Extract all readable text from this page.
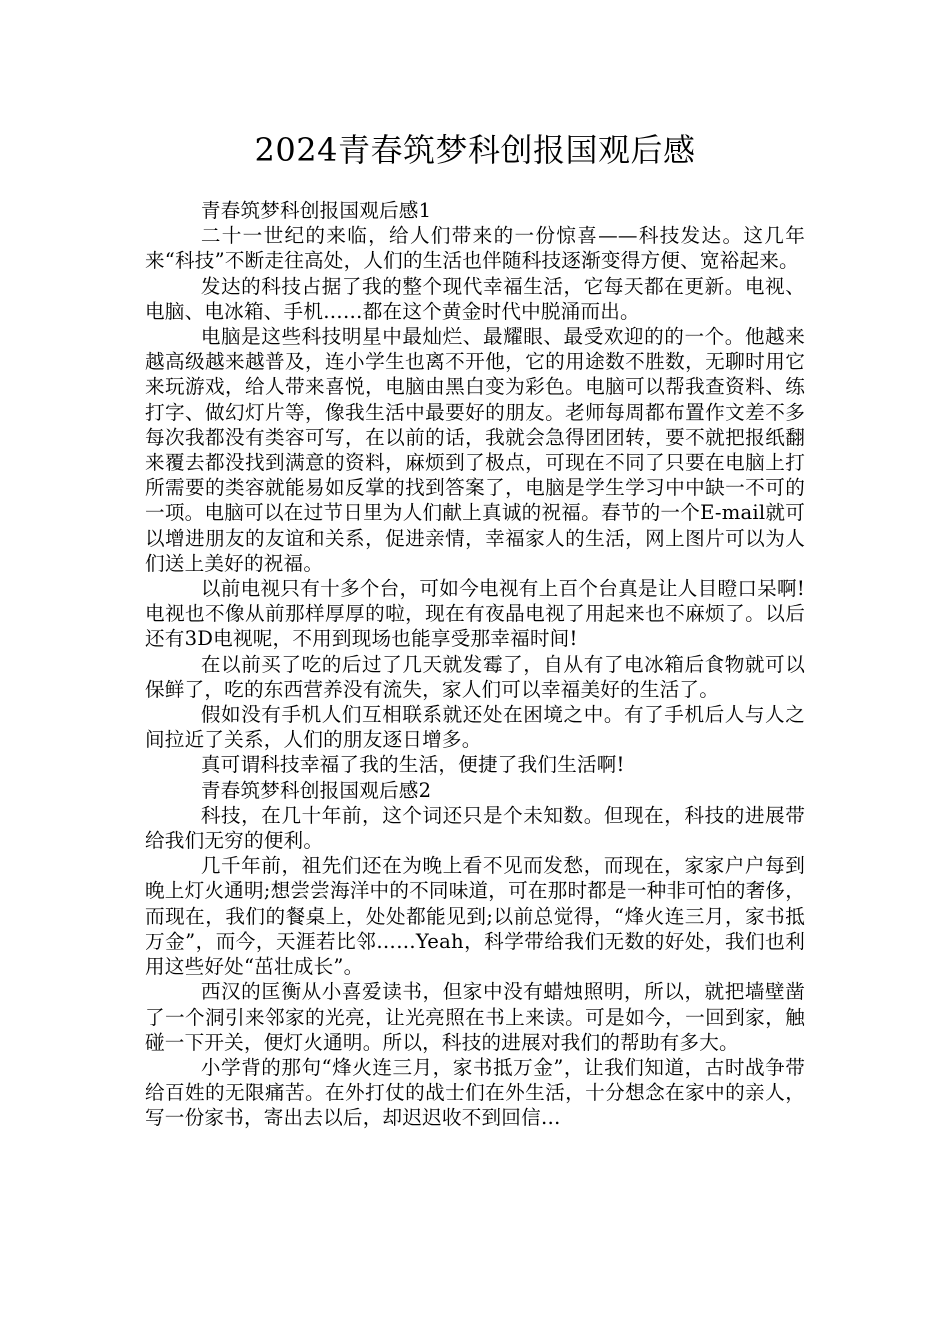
2024青春筑梦科创报国观后感

青春筑梦科创报国观后感1

二十一世纪的来临，给人们带来的一份惊喜——科技发达。这几年来“科技”不断走往高处，人们的生活也伴随科技逐渐变得方便、宽裕起来。

发达的科技占据了我的整个现代幸福生活，它每天都在更新。电视、电脑、电冰箱、手机……都在这个黄金时代中脱涌而出。

电脑是这些科技明星中最灿烂、最耀眼、最受欢迎的的一个。他越来越高级越来越普及，连小学生也离不开他，它的用途数不胜数，无聊时用它来玩游戏，给人带来喜悦，电脑由黑白变为彩色。电脑可以帮我查资料、练打字、做幻灯片等，像我生活中最要好的朋友。老师每周都布置作文差不多每次我都没有类容可写，在以前的话，我就会急得团团转，要不就把报纸翻来覆去都没找到满意的资料，麻烦到了极点，可现在不同了只要在电脑上打所需要的类容就能易如反掌的找到答案了，电脑是学生学习中中缺一不可的一项。电脑可以在过节日里为人们献上真诚的祝福。春节的一个E-mail就可以增进朋友的友谊和关系，促进亲情，幸福家人的生活，网上图片可以为人们送上美好的祝福。

以前电视只有十多个台，可如今电视有上百个台真是让人目瞪口呆啊!电视也不像从前那样厚厚的啦，现在有夜晶电视了用起来也不麻烦了。以后还有3D电视呢，不用到现场也能享受那幸福时间!

在以前买了吃的后过了几天就发霉了，自从有了电冰箱后食物就可以保鲜了，吃的东西营养没有流失，家人们可以幸福美好的生活了。

假如没有手机人们互相联系就还处在困境之中。有了手机后人与人之间拉近了关系，人们的朋友逐日增多。

真可谓科技幸福了我的生活，便捷了我们生活啊!

青春筑梦科创报国观后感2

科技，在几十年前，这个词还只是个未知数。但现在，科技的进展带给我们无穷的便利。

几千年前，祖先们还在为晚上看不见而发愁，而现在，家家户户每到晚上灯火通明;想尝尝海洋中的不同味道，可在那时都是一种非可怕的奢侈，而现在，我们的餐桌上，处处都能见到;以前总觉得，“烽火连三月，家书抵万金”，而今，天涯若比邻……Yeah，科学带给我们无数的好处，我们也利用这些好处“茁壮成长”。

西汉的匡衡从小喜爱读书，但家中没有蜡烛照明，所以，就把墙壁凿了一个洞引来邻家的光亮，让光亮照在书上来读。可是如今，一回到家，触碰一下开关，便灯火通明。所以，科技的进展对我们的帮助有多大。

小学背的那句“烽火连三月，家书抵万金”，让我们知道，古时战争带给百姓的无限痛苦。在外打仗的战士们在外生活，十分想念在家中的亲人，写一份家书，寄出去以后，却迟迟收不到回信…
